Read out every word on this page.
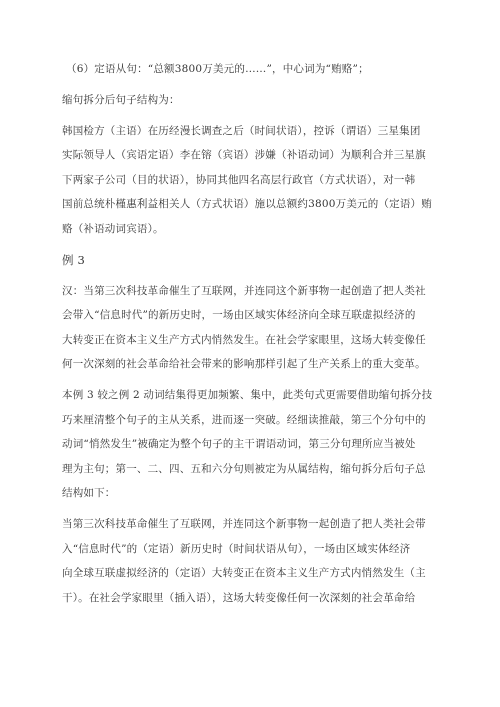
（6）定语从句：“总额3800万美元的……”，中心词为“贿赂”；
缩句拆分后句子结构为：
韩国检方（主语）在历经漫长调查之后（时间状语），控诉（谓语）三星集团
实际领导人（宾语定语）李在镕（宾语）涉嫌（补语动词）为顺利合并三星旗
下两家子公司（目的状语），协同其他四名高层行政官（方式状语），对一韩
国前总统朴槿惠利益相关人（方式状语）施以总额约3800万美元的（定语）贿
赂（补语动词宾语）。
例 3
汉：当第三次科技革命催生了互联网，并连同这个新事物一起创造了把人类社
会带入“信息时代”的新历史时，一场由区域实体经济向全球互联虚拟经济的
大转变正在资本主义生产方式内悄然发生。在社会学家眼里，这场大转变像任
何一次深刻的社会革命给社会带来的影响那样引起了生产关系上的重大变革。
本例 3 较之例 2 动词结集得更加频繁、集中，此类句式更需要借助缩句拆分技
巧来厘清整个句子的主从关系，进而逐一突破。经细读推敲，第三个分句中的
动词“悄然发生”被确定为整个句子的主干谓语动词，第三分句理所应当被处
理为主句；第一、二、四、五和六分句则被定为从属结构，缩句拆分后句子总
结构如下：
当第三次科技革命催生了互联网，并连同这个新事物一起创造了把人类社会带
入“信息时代”的（定语）新历史时（时间状语从句），一场由区域实体经济
向全球互联虚拟经济的（定语）大转变正在资本主义生产方式内悄然发生（主
干）。在社会学家眼里（插入语），这场大转变像任何一次深刻的社会革命给
